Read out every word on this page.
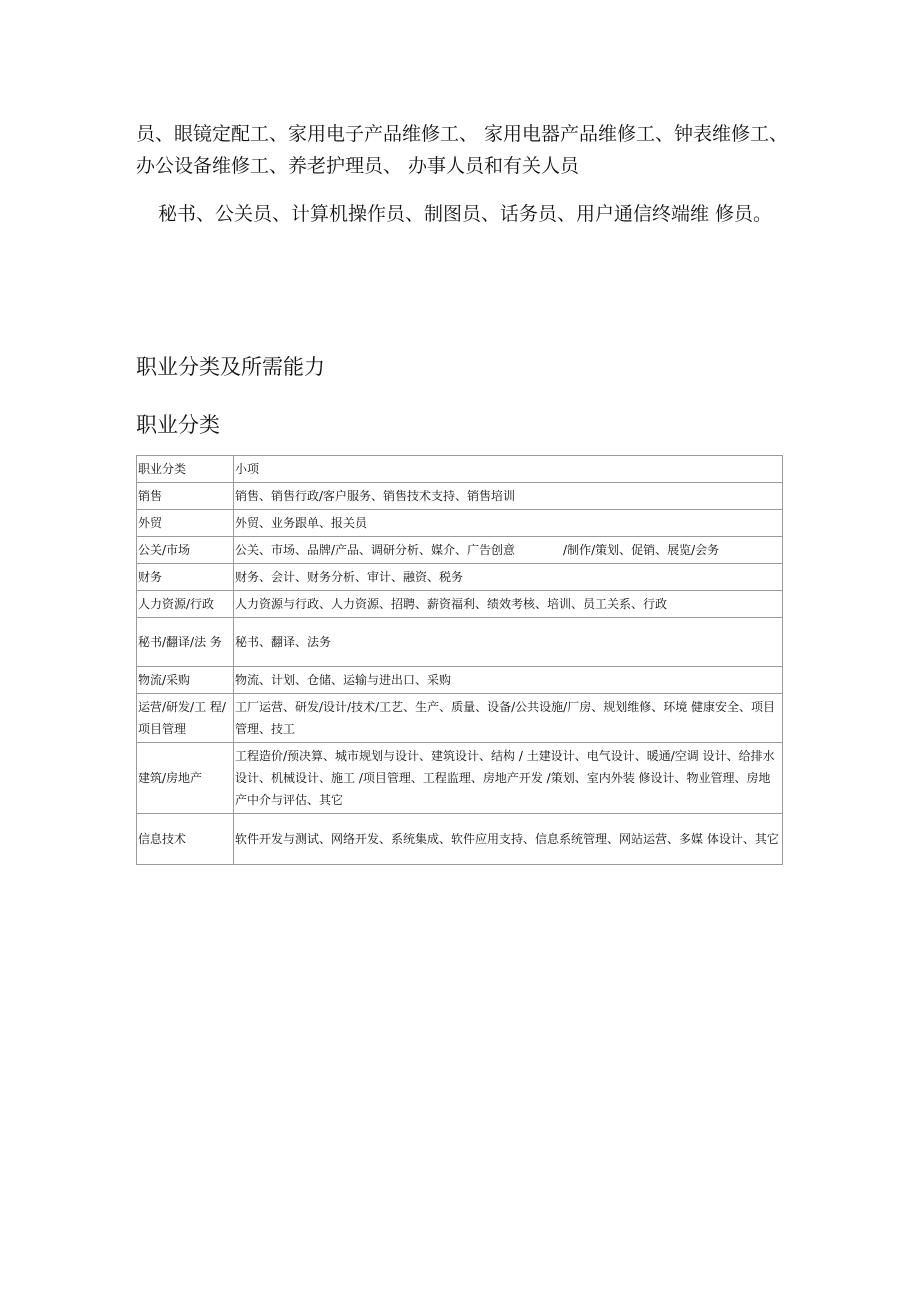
员、眼镜定配工、家用电子产品维修工、 家用电器产品维修工、钟表维修工、办公设备维修工、养老护理员、 办事人员和有关人员

秘书、公关员、计算机操作员、制图员、话务员、用户通信终端维 修员。

职业分类及所需能力
职业分类
职业分类	小项
销售	销售、销售行政/客户服务、销售技术支持、销售培训
外贸	外贸、业务跟单、报关员
公关/市场	公关、市场、品牌/产品、调研分析、媒介、广告创意　　　　/制作/策划、促销、展览/会务
财务	财务、会计、财务分析、审计、融资、税务
人力资源/行政	人力资源与行政、人力资源、招聘、薪资福利、绩效考核、培训、员工关系、行政
秘书/翻译/法 务	秘书、翻译、法务
物流/采购	物流、计划、仓储、运输与进出口、采购
运营/研发/工 程/项目管理	工厂运营、研发/设计/技术/工艺、生产、质量、设备/公共设施/厂房、规划维修、环境 健康安全、项目管理、技工
建筑/房地产	工程造价/预决算、城市规划与设计、建筑设计、结构 / 土建设计、电气设计、暖通/空调 设计、给排水设计、机械设计、施工 /项目管理、工程监理、房地产开发 /策划、室内外装 修设计、物业管理、房地产中介与评估、其它
信息技术	软件开发与测试、网络开发、系统集成、软件应用支持、信息系统管理、网站运营、多媒 体设计、其它
